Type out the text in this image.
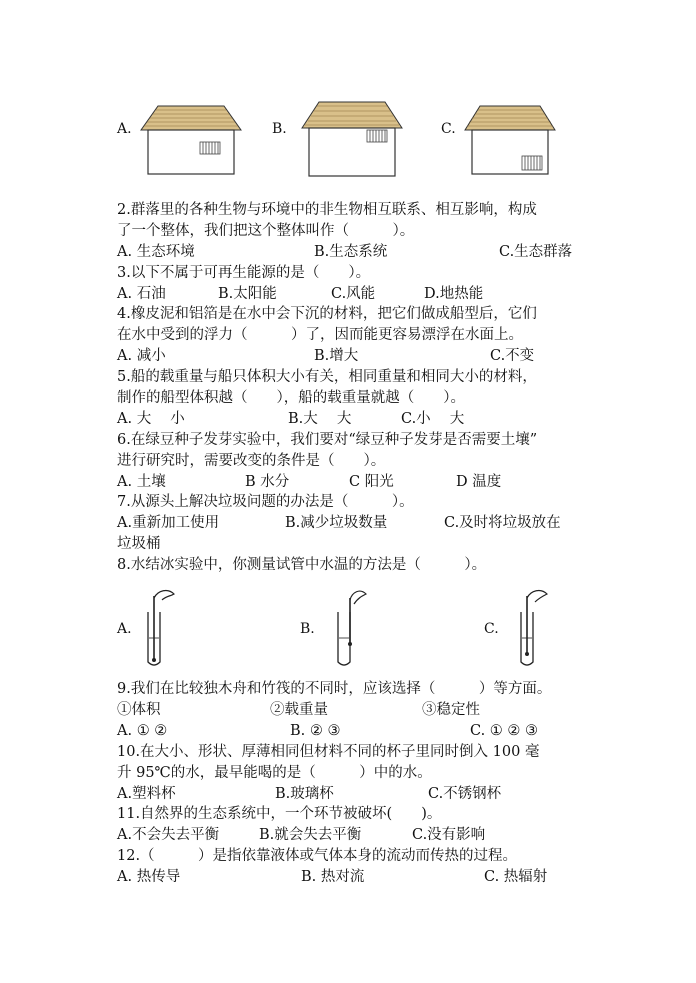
A.	B.	C.
2.群落里的各种生物与环境中的非生物相互联系、相互影响，构成
了一个整体，我们把这个整体叫作（　　　）。
A. 生态环境	B.生态系统	C.生态群落
3.以下不属于可再生能源的是（　　）。
A. 石油	B.太阳能	C.风能	D.地热能
4.橡皮泥和铝箔是在水中会下沉的材料，把它们做成船型后，它们
在水中受到的浮力（　　　）了，因而能更容易漂浮在水面上。
A. 减小	B.增大	C.不变
5.船的载重量与船只体积大小有关，相同重量和相同大小的材料，
制作的船型体积越（　　），船的载重量就越（　　）。
A. 大　 小	B.大　 大	C.小　 大
6.在绿豆种子发芽实验中，我们要对“绿豆种子发芽是否需要土壤”
进行研究时，需要改变的条件是（　　）。
A. 土壤	B 水分	C 阳光	D 温度
7.从源头上解决垃圾问题的办法是（　　　）。
A.重新加工使用	B.减少垃圾数量	C.及时将垃圾放在
垃圾桶
8.水结冰实验中，你测量试管中水温的方法是（　　　）。
A.	B.	C.
9.我们在比较独木舟和竹筏的不同时，应该选择（　　　）等方面。
①体积	②载重量	③稳定性
A. ① ②	B. ② ③	C. ① ② ③
10.在大小、形状、厚薄相同但材料不同的杯子里同时倒入 100 毫
升 95℃的水，最早能喝的是（　　　）中的水。
A.塑料杯	B.玻璃杯	C.不锈钢杯
11.自然界的生态系统中，一个环节被破坏(　　)。
A.不会失去平衡	B.就会失去平衡	C.没有影响
12.（　　　）是指依靠液体或气体本身的流动而传热的过程。
A. 热传导	B. 热对流	C. 热辐射
